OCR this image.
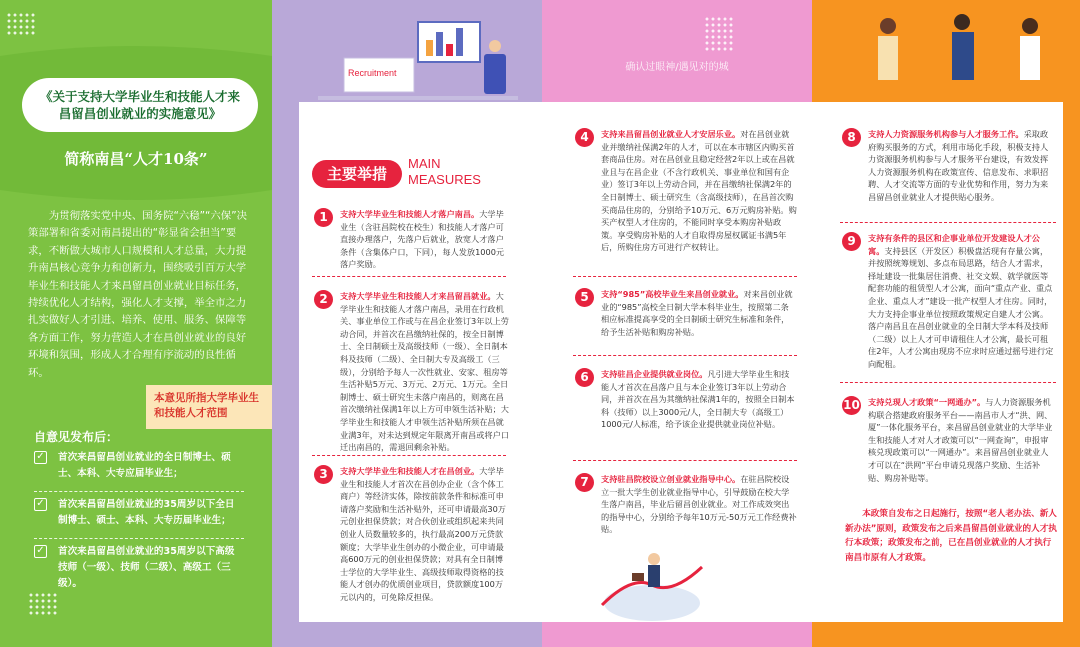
《关于支持大学毕业生和技能人才来昌留昌创业就业的实施意见》
简称南昌“人才10条”

为贯彻落实党中央、国务院“六稳”“六保”决策部署和省委对南昌提出的“彰显省会担当”要求，不断做大城市人口规模和人才总量，大力提升南昌核心竞争力和创新力，围绕吸引百万大学毕业生和技能人才来昌留昌创业就业目标任务，持续优化人才结构，强化人才支撑，举全市之力扎实做好人才引进、培养、使用、服务、保障等各方面工作，努力营造人才在昌创业就业的良好环境和氛围，形成人才合理有序流动的良性循环。

本意见所指大学毕业生和技能人才范围
自意见发布后：
✓ 首次来昌留昌创业就业的全日制博士、硕士、本科、大专应届毕业生；
✓ 首次来昌留昌创业就业的35周岁以下全日制博士、硕士、本科、大专历届毕业生；
✓ 首次来昌留昌创业就业的35周岁以下高级技师（一级）、技师（二级）、高级工（三级）。
Recruitment	确认过眼神/遇见对的城
主要举措
MAIN
MEASURES
1	支持大学毕业生和技能人才落户南昌。大学毕业生（含驻昌院校在校生）和技能人才落户可直接办理落户，先落户后就业，放宽人才落户条件（含集体户口，下同），每人发放1000元落户奖励。
2	支持大学毕业生和技能人才来昌留昌就业。大学毕业生和技能人才落户南昌，录用在行政机关、事业单位工作或与在昌企业签订3年以上劳动合同，并首次在昌缴纳社保的，按全日制博士、全日制硕士及高级技师（一级）、全日制本科及技师（二级）、全日制大专及高级工（三级），分别给予每人一次性就业、安家、租房等生活补贴5万元、3万元、2万元、1万元。全日制博士、硕士研究生未落户南昌的，则离在昌首次缴纳社保满1年以上方可申领生活补贴；大学毕业生和技能人才申领生活补贴所须在昌就业满3年，对未达到规定年限离开南昌或将户口迁出南昌的，需退回剩余补贴。
3	支持大学毕业生和技能人才在昌创业。大学毕业生和技能人才首次在昌创办企业（含个体工商户）等经济实体，除按前款条件和标准可申请落户奖励和生活补贴外，还可申请最高30万元创业担保贷款；对合伙创业或组织起来共同创业人员数量较多的，执行最高200万元贷款额度；大学毕业生创办的小微企业，可申请最高600万元的创业担保贷款；对具有全日制博士学位的大学毕业生、高级技师取得资格的技能人才创办的优质创业项目，贷款额度100万元以内的，可免除反担保。
4	支持来昌留昌创业就业人才安居乐业。对在昌创业就业并缴纳社保满2年的人才，可以在本市辖区内购买首套商品住房。对在昌创业且稳定经营2年以上或在昌就业且与在昌企业（不含行政机关、事业单位和国有企业）签订3年以上劳动合同，并在昌缴纳社保满2年的全日制博士、硕士研究生（含高级技师），在昌首次购买商品住房的，分别给予10万元、6万元购房补贴。购买产权型人才住房的，不能同时享受本购房补贴政策。享受购房补贴的人才自取得房屋权属证书满5年后，所购住房方可进行产权转让。
5	支持“985”高校毕业生来昌创业就业。对来昌创业就业的“985”高校全日制大学本科毕业生，按照第二条相应标准提高享受的全日制硕士研究生标准和条件，给予生活补贴和购房补贴。
6	支持驻昌企业提供就业岗位。凡引进大学毕业生和技能人才首次在昌落户且与本企业签订3年以上劳动合同，并首次在昌为其缴纳社保满1年的，按照全日制本科（技师）以上3000元/人，全日制大专（高级工）1000元/人标准，给予该企业提供就业岗位补贴。
7	支持驻昌院校设立创业就业指导中心。在驻昌院校设立一批大学生创业就业指导中心，引导鼓励在校大学生落户南昌，毕业后留昌创业就业。对工作成效突出的指导中心，分别给予每年10万元-50万元工作经费补贴。
8	支持人力资源服务机构参与人才服务工作。采取政府购买服务的方式，利用市场化手段，积极支持人力资源服务机构参与人才服务平台建设，有效发挥人力资源服务机构在政策宣传、信息发布、求职招聘、人才交流等方面的专业优势和作用，努力为来昌留昌创业就业人才提供贴心服务。
9	支持有条件的县区和企事业单位开发建设人才公寓。支持县区（开发区）积极盘活现有存量公寓，并按照统筹规划、多点布局思路，结合人才需求，择址建设一批集居住消费、社交文娱、就学就医等配套功能的租赁型人才公寓，面向“重点产业、重点企业、重点人才”建设一批产权型人才住房。同时，大力支持企事业单位按照政策规定自建人才公寓。落户南昌且在昌创业就业的全日制大学本科及技师（二级）以上人才可申请租住人才公寓，最长可租住2年，人才公寓由现房不应求时应通过摇号进行定向配租。
10 支持兑现人才政策“一网通办”。与人力资源服务机构联合搭建政府服务平台——南昌市人才“洪、网、厦”一体化服务平台，来昌留昌创业就业的大学毕业生和技能人才对人才政策可以“一网查询”，申报审核兑现政策可以“一网通办”。来昌留昌创业就业人才可以在“洪网”平台申请兑现落户奖励、生活补贴、购房补贴等。
本政策自发布之日起施行，按照“老人老办法、新人新办法”原则，政策发布之后来昌留昌创业就业的人才执行本政策；政策发布之前，已在昌创业就业的人才执行南昌市原有人才政策。
